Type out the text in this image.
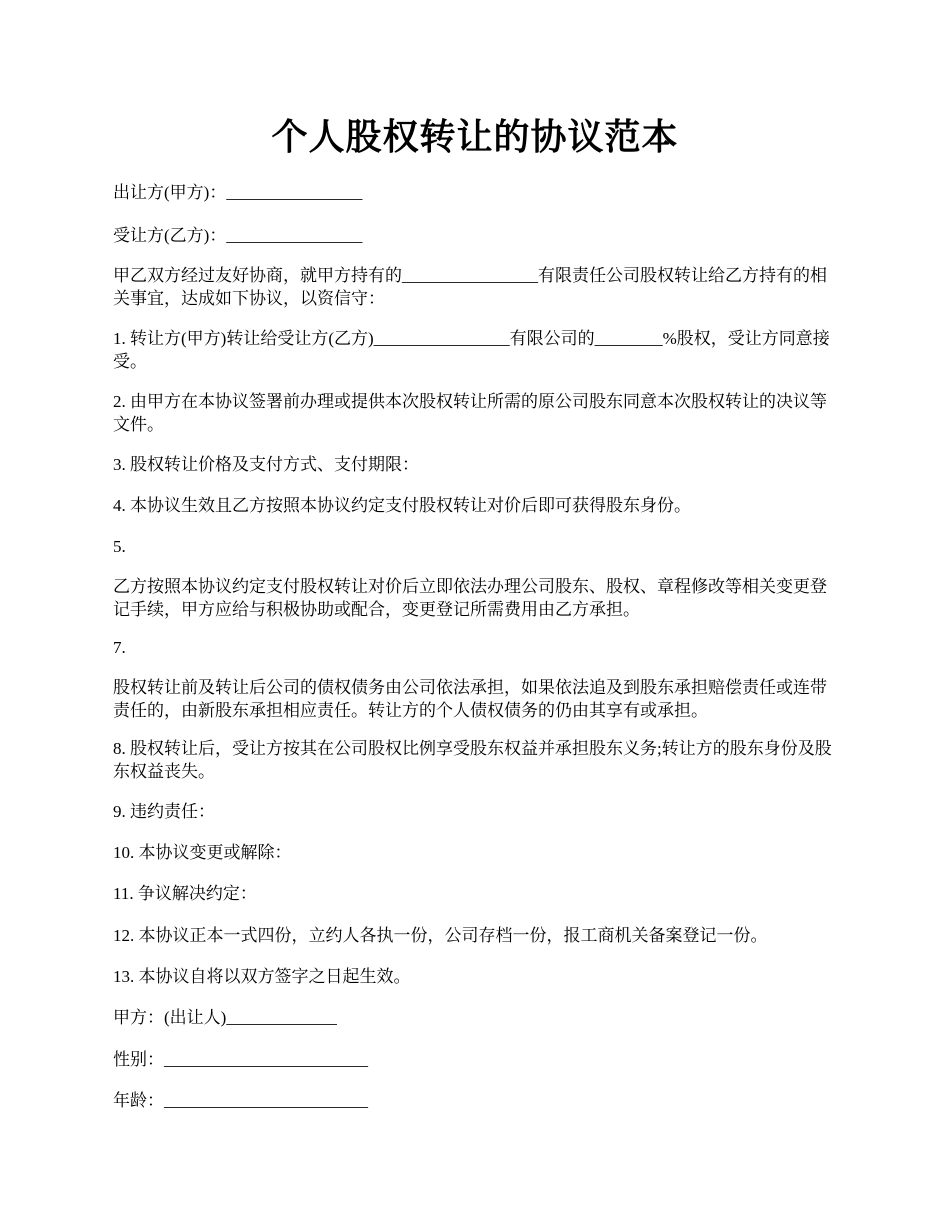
个人股权转让的协议范本

出让方(甲方)：________________

受让方(乙方)：________________

甲乙双方经过友好协商，就甲方持有的________________有限责任公司股权转让给乙方持有的相关事宜，达成如下协议，以资信守：

1. 转让方(甲方)转让给受让方(乙方)________________有限公司的________%股权，受让方同意接受。

2. 由甲方在本协议签署前办理或提供本次股权转让所需的原公司股东同意本次股权转让的决议等文件。

3. 股权转让价格及支付方式、支付期限：

4. 本协议生效且乙方按照本协议约定支付股权转让对价后即可获得股东身份。

5.

乙方按照本协议约定支付股权转让对价后立即依法办理公司股东、股权、章程修改等相关变更登记手续，甲方应给与积极协助或配合，变更登记所需费用由乙方承担。

7.

股权转让前及转让后公司的债权债务由公司依法承担，如果依法追及到股东承担赔偿责任或连带责任的，由新股东承担相应责任。转让方的个人债权债务的仍由其享有或承担。

8. 股权转让后，受让方按其在公司股权比例享受股东权益并承担股东义务;转让方的股东身份及股东权益丧失。

9. 违约责任：

10. 本协议变更或解除：

11. 争议解决约定：

12. 本协议正本一式四份，立约人各执一份，公司存档一份，报工商机关备案登记一份。

13. 本协议自将以双方签字之日起生效。

甲方：(出让人)_____________

性别：________________________

年龄：________________________
